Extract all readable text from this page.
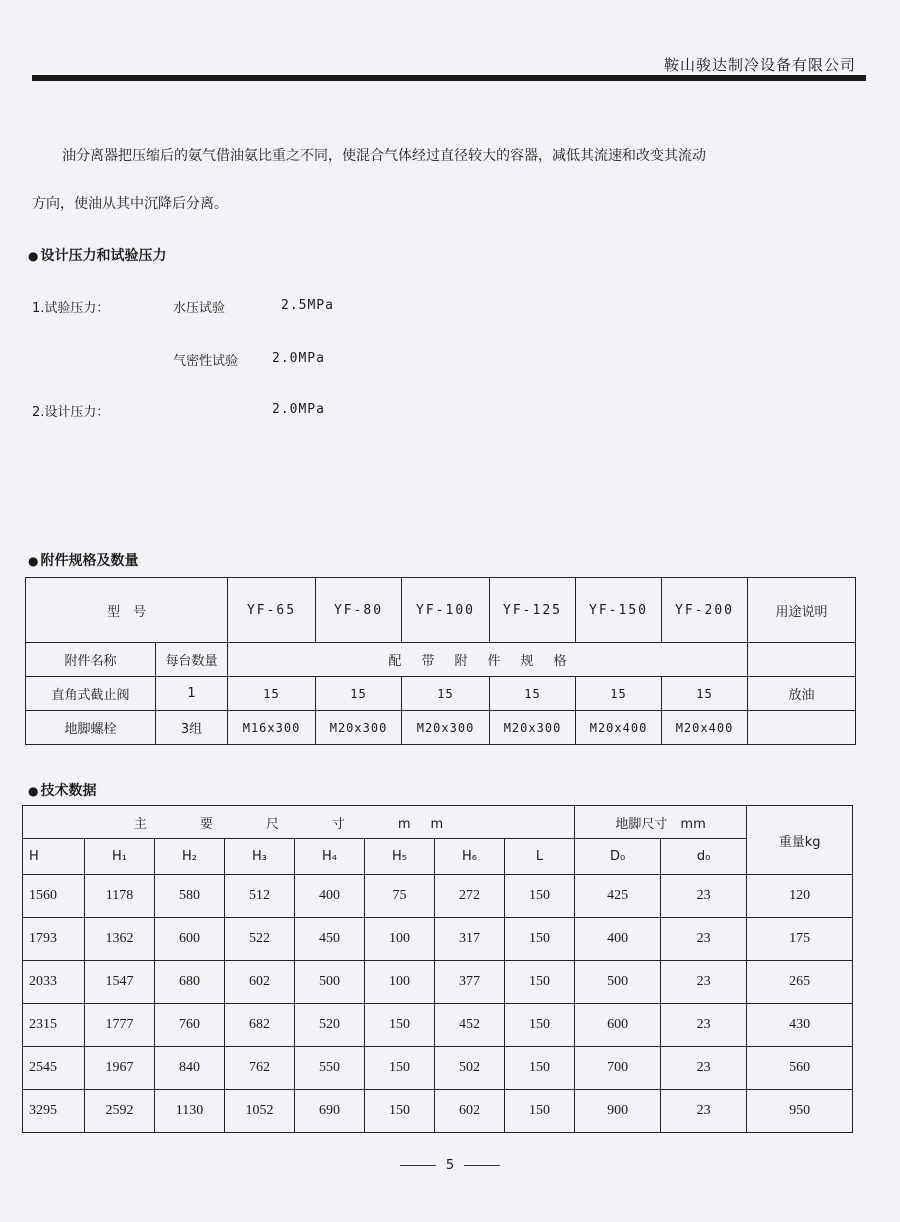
鞍山骏达制冷设备有限公司
油分离器把压缩后的氨气借油氨比重之不同，使混合气体经过直径较大的容器，减低其流速和改变其流动
方向，使油从其中沉降后分离。
● 设计压力和试验压力
1.试验压力：	水压试验	2.5MPa
气密性试验	2.0MPa
2.设计压力：	2.0MPa
● 附件规格及数量
型　号		YF-65	YF-80	YF-100	YF-125	YF-150	YF-200	用途说明
附件名称	每台数量	配带附件规格						
直角式截止阀	1	15	15	15	15	15	15	放油
地脚螺栓	3组	M16x300	M20x300	M20x300	M20x300	M20x400	M20x400	
● 技术数据
主　要　尺　寸　mm								地脚尺寸　mm		重量kg
H	H₁	H₂	H₃	H₄	H₅	H₆	L	D₀	d₀	
1560	1178	580	512	400	75	272	150	425	23	120
1793	1362	600	522	450	100	317	150	400	23	175
2033	1547	680	602	500	100	377	150	500	23	265
2315	1777	760	682	520	150	452	150	600	23	430
2545	1967	840	762	550	150	502	150	700	23	560
3295	2592	1130	1052	690	150	602	150	900	23	950
5
